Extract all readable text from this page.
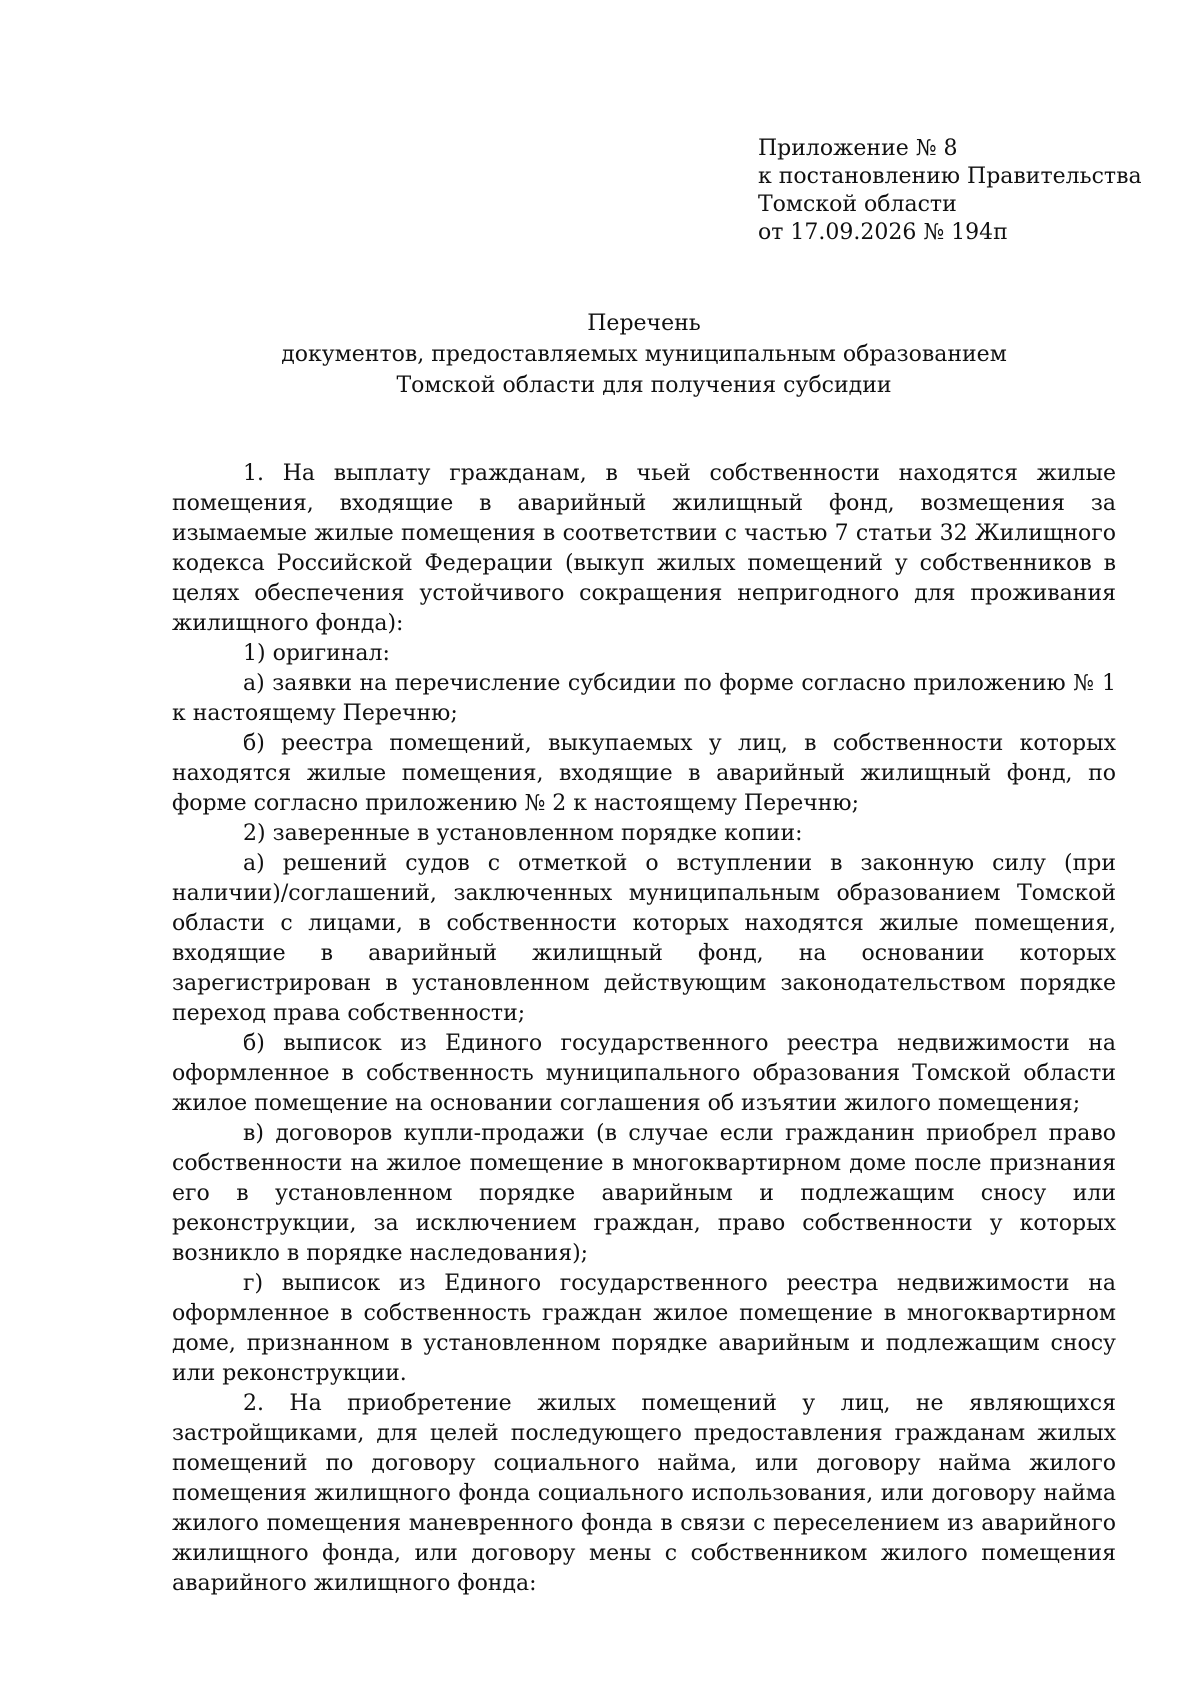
Приложение № 8
к постановлению Правительства
Томской области
от 17.09.2026 № 194п
Перечень
документов, предоставляемых муниципальным образованием
Томской области для получения субсидии

1. На выплату гражданам, в чьей собственности находятся жилые помещения, входящие в аварийный жилищный фонд, возмещения за изымаемые жилые помещения в соответствии с частью 7 статьи 32 Жилищного кодекса Российской Федерации (выкуп жилых помещений у собственников в целях обеспечения устойчивого сокращения непригодного для проживания жилищного фонда):

1) оригинал:

а) заявки на перечисление субсидии по форме согласно приложению № 1 к настоящему Перечню;

б) реестра помещений, выкупаемых у лиц, в собственности которых находятся жилые помещения, входящие в аварийный жилищный фонд, по форме согласно приложению № 2 к настоящему Перечню;

2) заверенные в установленном порядке копии:

а) решений судов с отметкой о вступлении в законную силу (при наличии)/соглашений, заключенных муниципальным образованием Томской области с лицами, в собственности которых находятся жилые помещения, входящие в аварийный жилищный фонд, на основании которых зарегистрирован в установленном действующим законодательством порядке переход права собственности;

б) выписок из Единого государственного реестра недвижимости на оформленное в собственность муниципального образования Томской области жилое помещение на основании соглашения об изъятии жилого помещения;

в) договоров купли-продажи (в случае если гражданин приобрел право собственности на жилое помещение в многоквартирном доме после признания его в установленном порядке аварийным и подлежащим сносу или реконструкции, за исключением граждан, право собственности у которых возникло в порядке наследования);

г) выписок из Единого государственного реестра недвижимости на оформленное в собственность граждан жилое помещение в многоквартирном доме, признанном в установленном порядке аварийным и подлежащим сносу или реконструкции.

2. На приобретение жилых помещений у лиц, не являющихся застройщиками, для целей последующего предоставления гражданам жилых помещений по договору социального найма, или договору найма жилого помещения жилищного фонда социального использования, или договору найма жилого помещения маневренного фонда в связи с переселением из аварийного жилищного фонда, или договору мены с собственником жилого помещения аварийного жилищного фонда:
